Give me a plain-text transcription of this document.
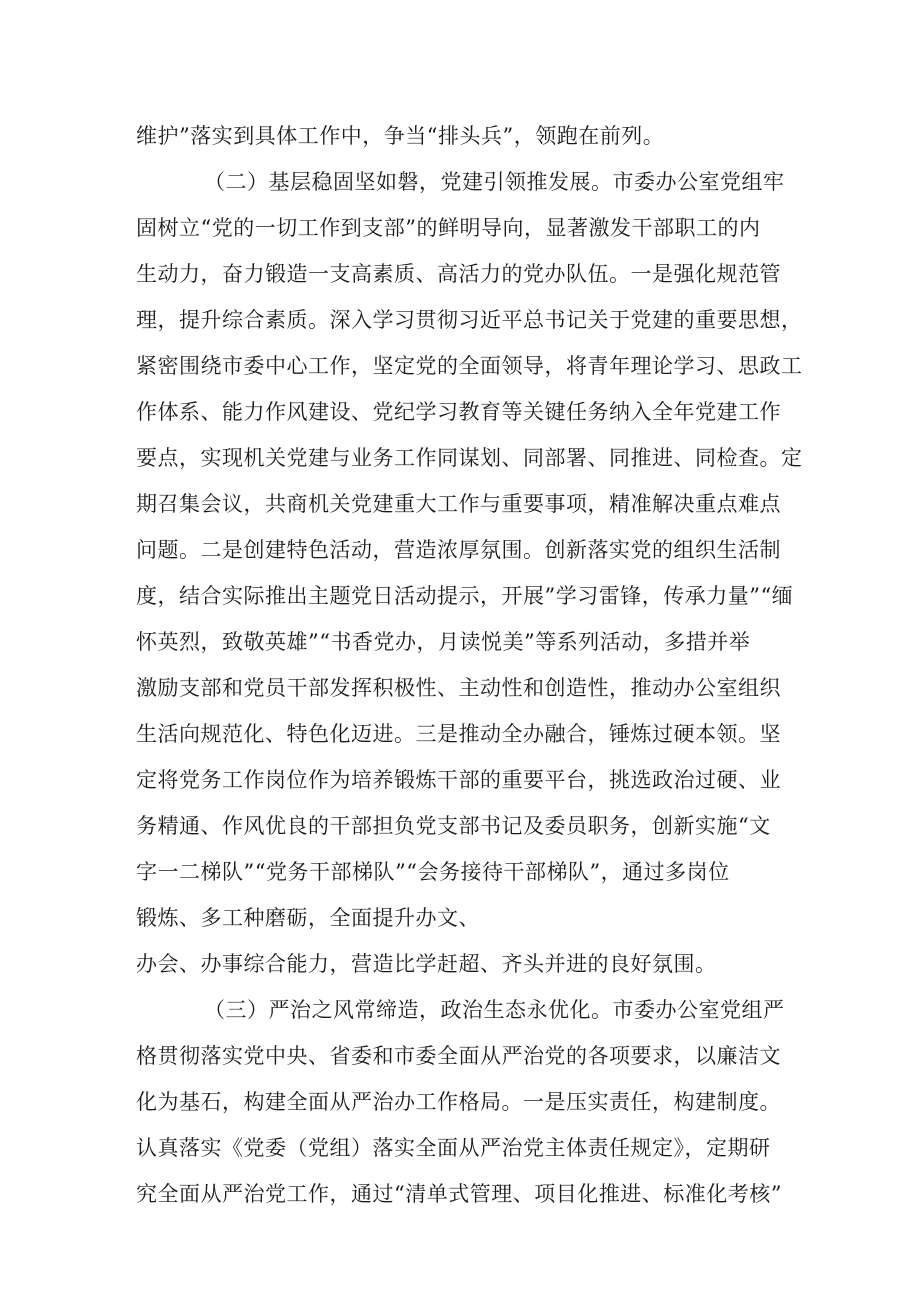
维护”落实到具体工作中，争当“排头兵”，领跑在前列。
（二）基层稳固坚如磐，党建引领推发展。市委办公室党组牢
固树立“党的一切工作到支部”的鲜明导向，显著激发干部职工的内
生动力，奋力锻造一支高素质、高活力的党办队伍。一是强化规范管
理，提升综合素质。深入学习贯彻习近平总书记关于党建的重要思想，
紧密围绕市委中心工作，坚定党的全面领导，将青年理论学习、思政工
作体系、能力作风建设、党纪学习教育等关键任务纳入全年党建工作
要点，实现机关党建与业务工作同谋划、同部署、同推进、同检查。定
期召集会议，共商机关党建重大工作与重要事项，精准解决重点难点
问题。二是创建特色活动，营造浓厚氛围。创新落实党的组织生活制
度，结合实际推出主题党日活动提示，开展”学习雷锋，传承力量”“缅
怀英烈，致敬英雄”“书香党办，月读悦美”等系列活动，多措并举
激励支部和党员干部发挥积极性、主动性和创造性，推动办公室组织
生活向规范化、特色化迈进。三是推动全办融合，锤炼过硬本领。坚
定将党务工作岗位作为培养锻炼干部的重要平台，挑选政治过硬、业
务精通、作风优良的干部担负党支部书记及委员职务，创新实施“文
字一二梯队”“党务干部梯队”“会务接待干部梯队”，通过多岗位
锻炼、多工种磨砺，全面提升办文、
办会、办事综合能力，营造比学赶超、齐头并进的良好氛围。
（三）严治之风常缔造，政治生态永优化。市委办公室党组严
格贯彻落实党中央、省委和市委全面从严治党的各项要求，以廉洁文
化为基石，构建全面从严治办工作格局。一是压实责任，构建制度。
认真落实《党委（党组）落实全面从严治党主体责任规定》，定期研
究全面从严治党工作，通过“清单式管理、项目化推进、标准化考核”
